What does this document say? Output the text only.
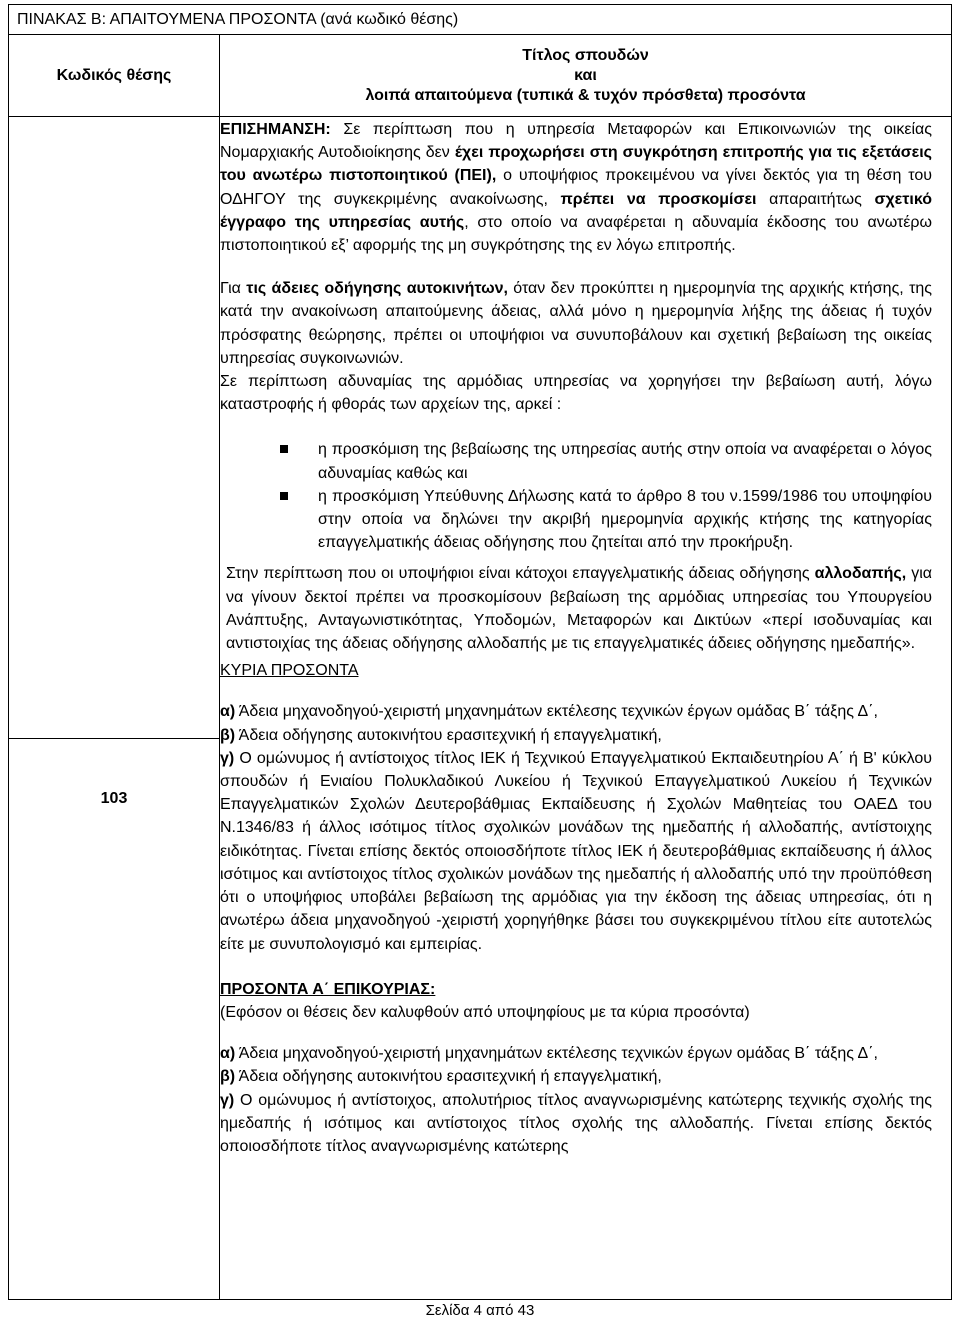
ΠΙΝΑΚΑΣ Β: ΑΠΑΙΤΟΥΜΕΝΑ ΠΡΟΣΟΝΤΑ (ανά κωδικό θέσης)
Κωδικός θέσης
Τίτλος σπουδών
και
λοιπά απαιτούμενα (τυπικά & τυχόν πρόσθετα) προσόντα
103

ΕΠΙΣΗΜΑΝΣΗ: Σε περίπτωση που η υπηρεσία Μεταφορών και Επικοινωνιών της οικείας Νομαρχιακής Αυτοδιοίκησης δεν έχει προχωρήσει στη συγκρότηση επιτροπής για τις εξετάσεις του ανωτέρω πιστοποιητικού (ΠΕΙ), ο υποψήφιος προκειμένου να γίνει δεκτός για τη θέση του ΟΔΗΓΟΥ της συγκεκριμένης ανακοίνωσης, πρέπει να προσκομίσει απαραιτήτως σχετικό έγγραφο της υπηρεσίας αυτής, στο οποίο να αναφέρεται η αδυναμία έκδοσης του ανωτέρω πιστοποιητικού εξ’ αφορμής της μη συγκρότησης της εν λόγω επιτροπής.

Για τις άδειες οδήγησης αυτοκινήτων, όταν δεν προκύπτει η ημερομηνία της αρχικής κτήσης, της κατά την ανακοίνωση απαιτούμενης άδειας, αλλά μόνο η ημερομηνία λήξης της άδειας ή τυχόν πρόσφατης θεώρησης, πρέπει οι υποψήφιοι να συνυποβάλουν και σχετική βεβαίωση της οικείας υπηρεσίας συγκοινωνιών.

Σε περίπτωση αδυναμίας της αρμόδιας υπηρεσίας να χορηγήσει την βεβαίωση αυτή, λόγω καταστροφής ή φθοράς των αρχείων της, αρκεί :

η προσκόμιση της βεβαίωσης της υπηρεσίας αυτής στην οποία να αναφέρεται ο λόγος αδυναμίας καθώς και
η προσκόμιση Υπεύθυνης Δήλωσης κατά το άρθρο 8 του ν.1599/1986 του υποψηφίου στην οποία να δηλώνει την ακριβή ημερομηνία αρχικής κτήσης της κατηγορίας επαγγελματικής άδειας οδήγησης που ζητείται από την προκήρυξη.

Στην περίπτωση που οι υποψήφιοι είναι κάτοχοι επαγγελματικής άδειας οδήγησης αλλοδαπής, για να γίνουν δεκτοί πρέπει να προσκομίσουν βεβαίωση της αρμόδιας υπηρεσίας του Υπουργείου Ανάπτυξης, Ανταγωνιστικότητας, Υποδομών, Μεταφορών και Δικτύων «περί ισοδυναμίας και αντιστοιχίας της άδειας οδήγησης αλλοδαπής με τις επαγγελματικές άδειες οδήγησης ημεδαπής».

ΚΥΡΙΑ ΠΡΟΣΟΝΤΑ

α) Άδεια μηχανοδηγού-χειριστή μηχανημάτων εκτέλεσης τεχνικών έργων ομάδας Β΄ τάξης Δ΄,

β) Άδεια οδήγησης αυτοκινήτου ερασιτεχνική ή επαγγελματική,

γ) Ο ομώνυμος ή αντίστοιχος τίτλος ΙΕΚ ή Τεχνικού Επαγγελματικού Εκπαιδευτηρίου Α΄ ή Β' κύκλου σπουδών ή Ενιαίου Πολυκλαδικού Λυκείου ή Τεχνικού Επαγγελματικού Λυκείου ή Τεχνικών Επαγγελματικών Σχολών Δευτεροβάθμιας Εκπαίδευσης ή Σχολών Μαθητείας του ΟΑΕΔ του Ν.1346/83 ή άλλος ισότιμος τίτλος σχολικών μονάδων της ημεδαπής ή αλλοδαπής, αντίστοιχης ειδικότητας. Γίνεται επίσης δεκτός οποιοσδήποτε τίτλος ΙΕΚ ή δευτεροβάθμιας εκπαίδευσης ή άλλος ισότιμος και αντίστοιχος τίτλος σχολικών μονάδων της ημεδαπής ή αλλοδαπής υπό την προϋπόθεση ότι ο υποψήφιος υποβάλει βεβαίωση της αρμόδιας για την έκδοση της άδειας υπηρεσίας, ότι η ανωτέρω άδεια μηχανοδηγού -χειριστή χορηγήθηκε βάσει του συγκεκριμένου τίτλου είτε αυτοτελώς είτε με συνυπολογισμό και εμπειρίας.

ΠΡΟΣΟΝΤΑ Α΄ ΕΠΙΚΟΥΡΙΑΣ:

(Εφόσον οι θέσεις δεν καλυφθούν από υποψηφίους με τα κύρια προσόντα)

α) Άδεια μηχανοδηγού-χειριστή μηχανημάτων εκτέλεσης τεχνικών έργων ομάδας Β΄ τάξης Δ΄,

β) Άδεια οδήγησης αυτοκινήτου ερασιτεχνική ή επαγγελματική,

γ) Ο ομώνυμος ή αντίστοιχος, απολυτήριος τίτλος αναγνωρισμένης κατώτερης τεχνικής σχολής της ημεδαπής ή ισότιμος και αντίστοιχος τίτλος σχολής της αλλοδαπής. Γίνεται επίσης δεκτός οποιοσδήποτε τίτλος αναγνωρισμένης κατώτερης

Σελίδα 4 από 43
